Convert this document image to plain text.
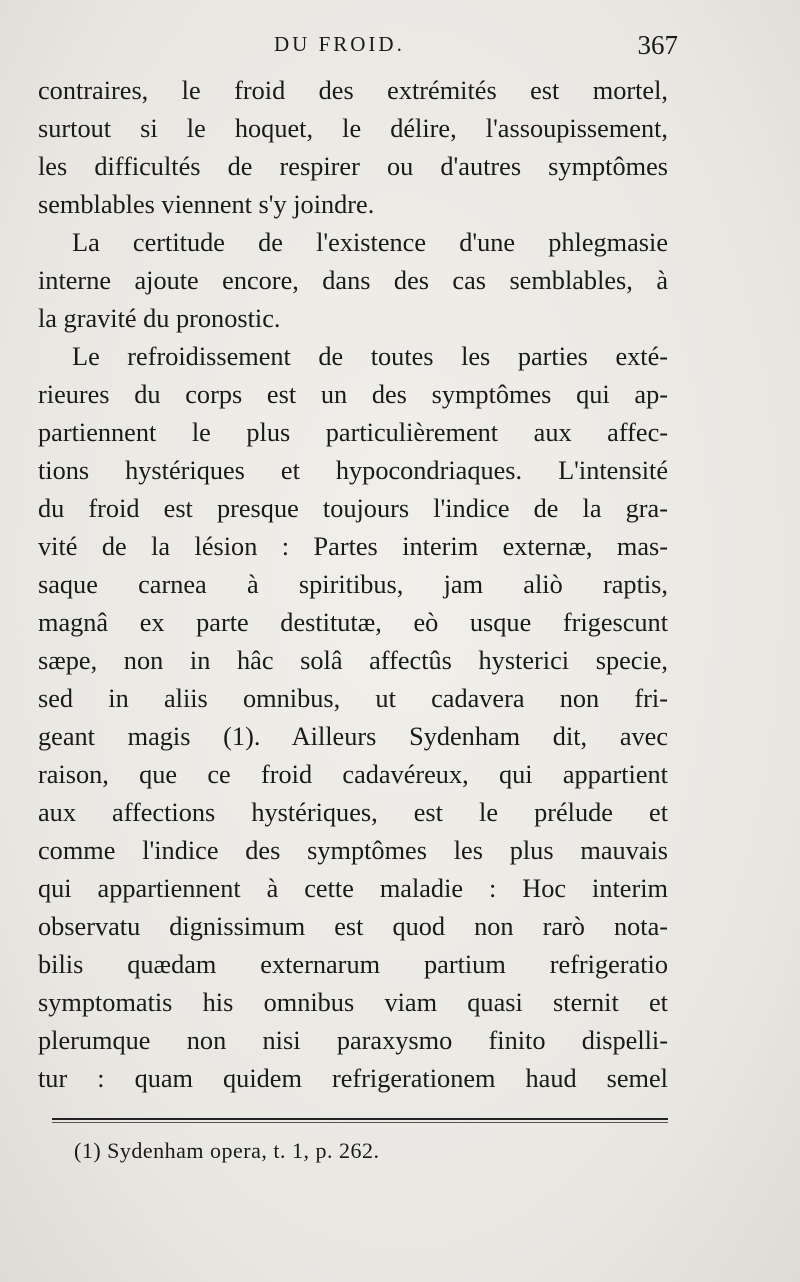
DU FROID.	367
contraires, le froid des extrémités est mortel,
surtout si le hoquet, le délire, l'assoupissement,
les difficultés de respirer ou d'autres symptômes
semblables viennent s'y joindre.
La certitude de l'existence d'une phlegmasie
interne ajoute encore, dans des cas semblables, à
la gravité du pronostic.
Le refroidissement de toutes les parties exté-
rieures du corps est un des symptômes qui ap-
partiennent le plus particulièrement aux affec-
tions hystériques et hypocondriaques. L'intensité
du froid est presque toujours l'indice de la gra-
vité de la lésion : Partes interim externæ, mas-
saque carnea à spiritibus, jam aliò raptis,
magnâ ex parte destitutæ, eò usque frigescunt
sæpe, non in hâc solâ affectûs hysterici specie,
sed in aliis omnibus, ut cadavera non fri-
geant magis (1). Ailleurs Sydenham dit, avec
raison, que ce froid cadavéreux, qui appartient
aux affections hystériques, est le prélude et
comme l'indice des symptômes les plus mauvais
qui appartiennent à cette maladie : Hoc interim
observatu dignissimum est quod non rarò nota-
bilis quædam externarum partium refrigeratio
symptomatis his omnibus viam quasi sternit et
plerumque non nisi paraxysmo finito dispelli-
tur : quam quidem refrigerationem haud semel
(1) Sydenham opera, t. 1, p. 262.
